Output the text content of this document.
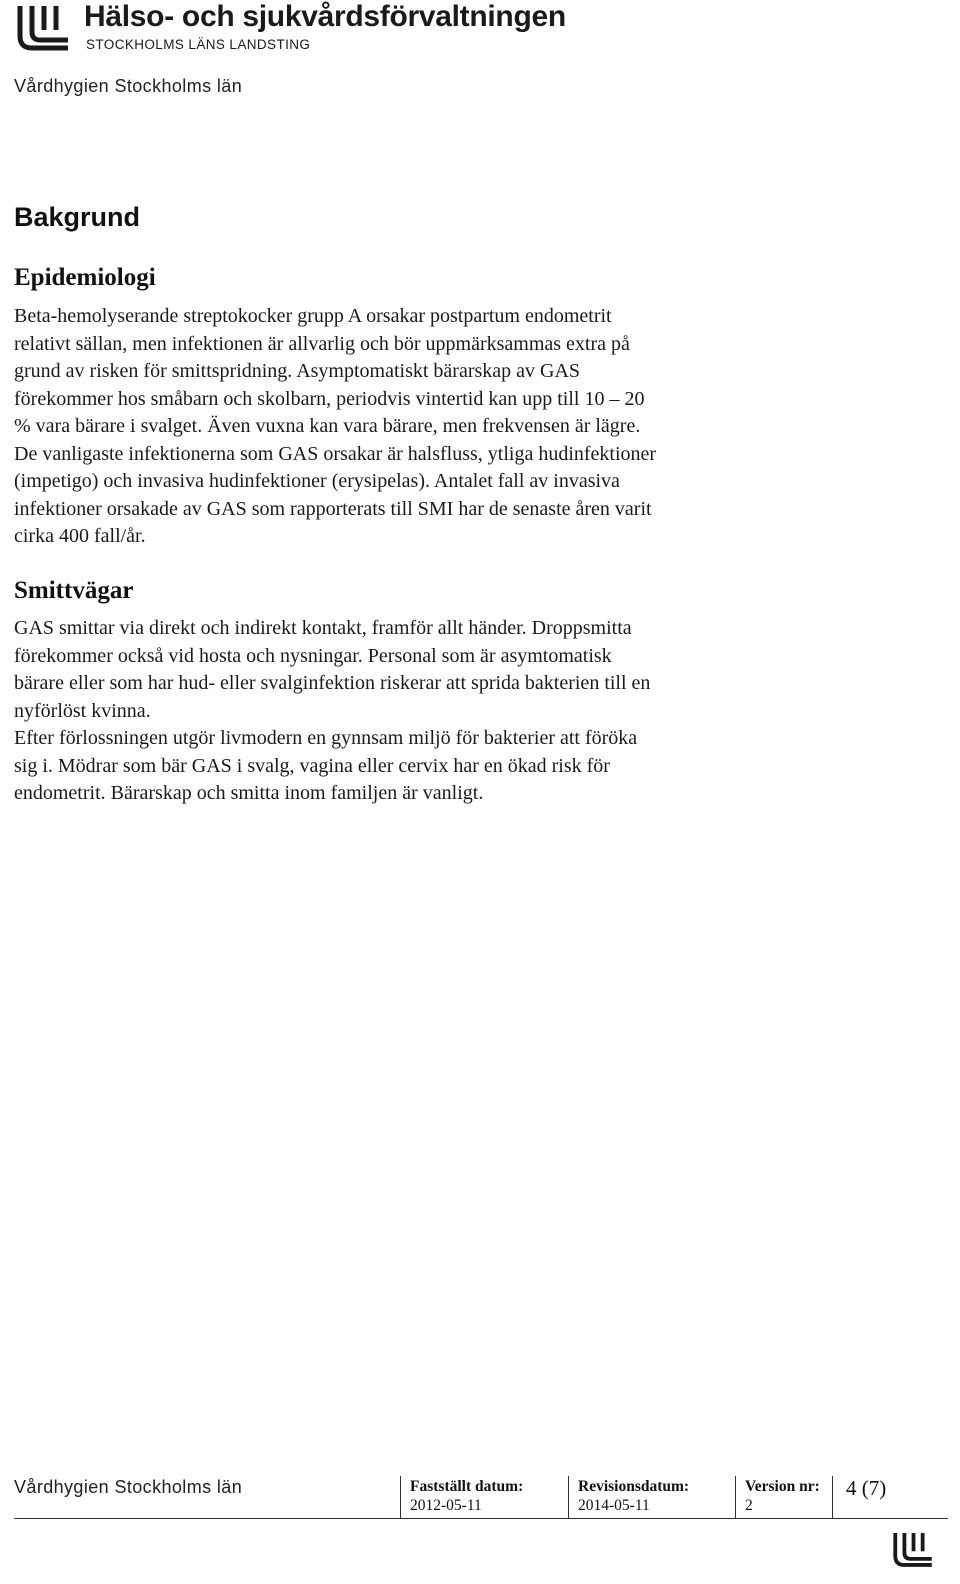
Hälso- och sjukvårdsförvaltningen
STOCKHOLMS LÄNS LANDSTING
Vårdhygien Stockholms län
Bakgrund
Epidemiologi
Beta-hemolyserande streptokocker grupp A orsakar postpartum endometrit
relativt sällan, men infektionen är allvarlig och bör uppmärksammas extra på
grund av risken för smittspridning. Asymptomatiskt bärarskap av GAS
förekommer hos småbarn och skolbarn, periodvis vintertid kan upp till 10 – 20
% vara bärare i svalget. Även vuxna kan vara bärare, men frekvensen är lägre.
De vanligaste infektionerna som GAS orsakar är halsfluss, ytliga hudinfektioner
(impetigo) och invasiva hudinfektioner (erysipelas). Antalet fall av invasiva
infektioner orsakade av GAS som rapporterats till SMI har de senaste åren varit
cirka 400 fall/år.
Smittvägar
GAS smittar via direkt och indirekt kontakt, framför allt händer. Droppsmitta
förekommer också vid hosta och nysningar. Personal som är asymtomatisk
bärare eller som har hud- eller svalginfektion riskerar att sprida bakterien till en
nyförlöst kvinna.
Efter förlossningen utgör livmodern en gynnsam miljö för bakterier att föröka
sig i. Mödrar som bär GAS i svalg, vagina eller cervix har en ökad risk för
endometrit. Bärarskap och smitta inom familjen är vanligt.
Vårdhygien Stockholms län	Fastställt datum:
2012-05-11
Revisionsdatum:
2014-05-11
Version nr:
2
4 (7)
